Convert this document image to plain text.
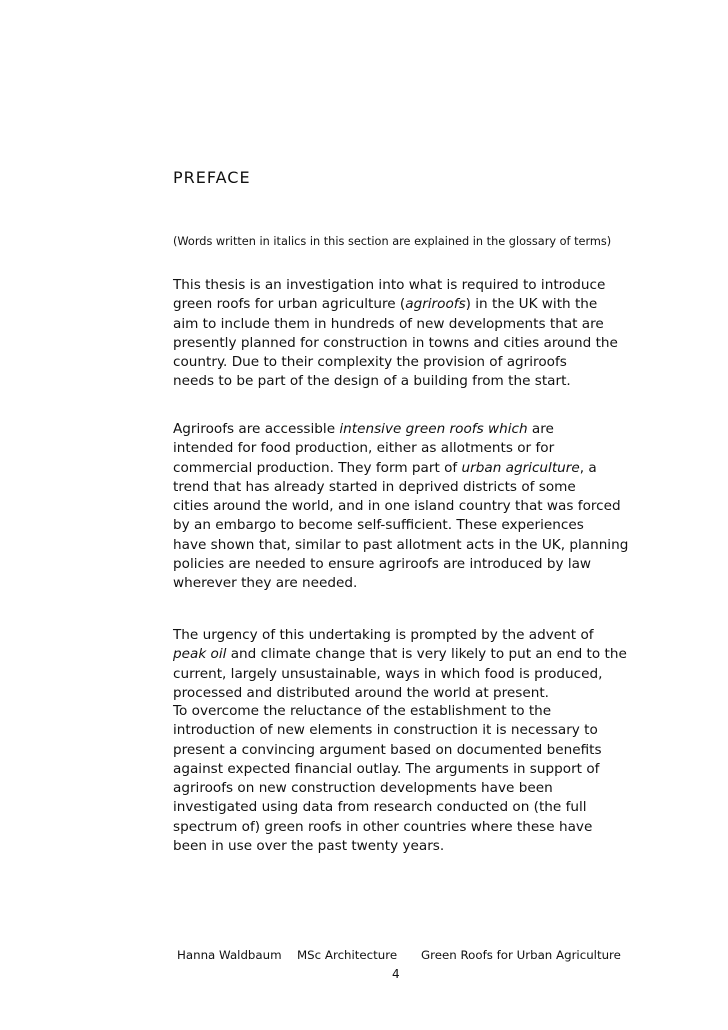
PREFACE
(Words written in italics in this section are explained in the glossary of terms)

This thesis is an investigation into what is required to introduce
green roofs for urban agriculture (agriroofs) in the UK with the
aim to include them in hundreds of new developments that are
presently planned for construction in towns and cities around the
country. Due to their complexity the provision of agriroofs
needs to be part of the design of a building from the start.

Agriroofs are accessible intensive green roofs which are
intended for food production, either as allotments or for
commercial production. They form part of urban agriculture, a
trend that has already started in deprived districts of some
cities around the world, and in one island country that was forced
by an embargo to become self-sufficient. These experiences
have shown that, similar to past allotment acts in the UK, planning
policies are needed to ensure agriroofs are introduced by law
wherever they are needed.

The urgency of this undertaking is prompted by the advent of
peak oil and climate change that is very likely to put an end to the
current, largely unsustainable, ways in which food is produced,
processed and distributed around the world at present.

To overcome the reluctance of the establishment to the
introduction of new elements in construction it is necessary to
present a convincing argument based on documented benefits
against expected financial outlay. The arguments in support of
agriroofs on new construction developments have been
investigated using data from research conducted on (the full
spectrum of) green roofs in other countries where these have
been in use over the past twenty years.

Hanna Waldbaum MSc Architecture Green Roofs for Urban Agriculture
4
